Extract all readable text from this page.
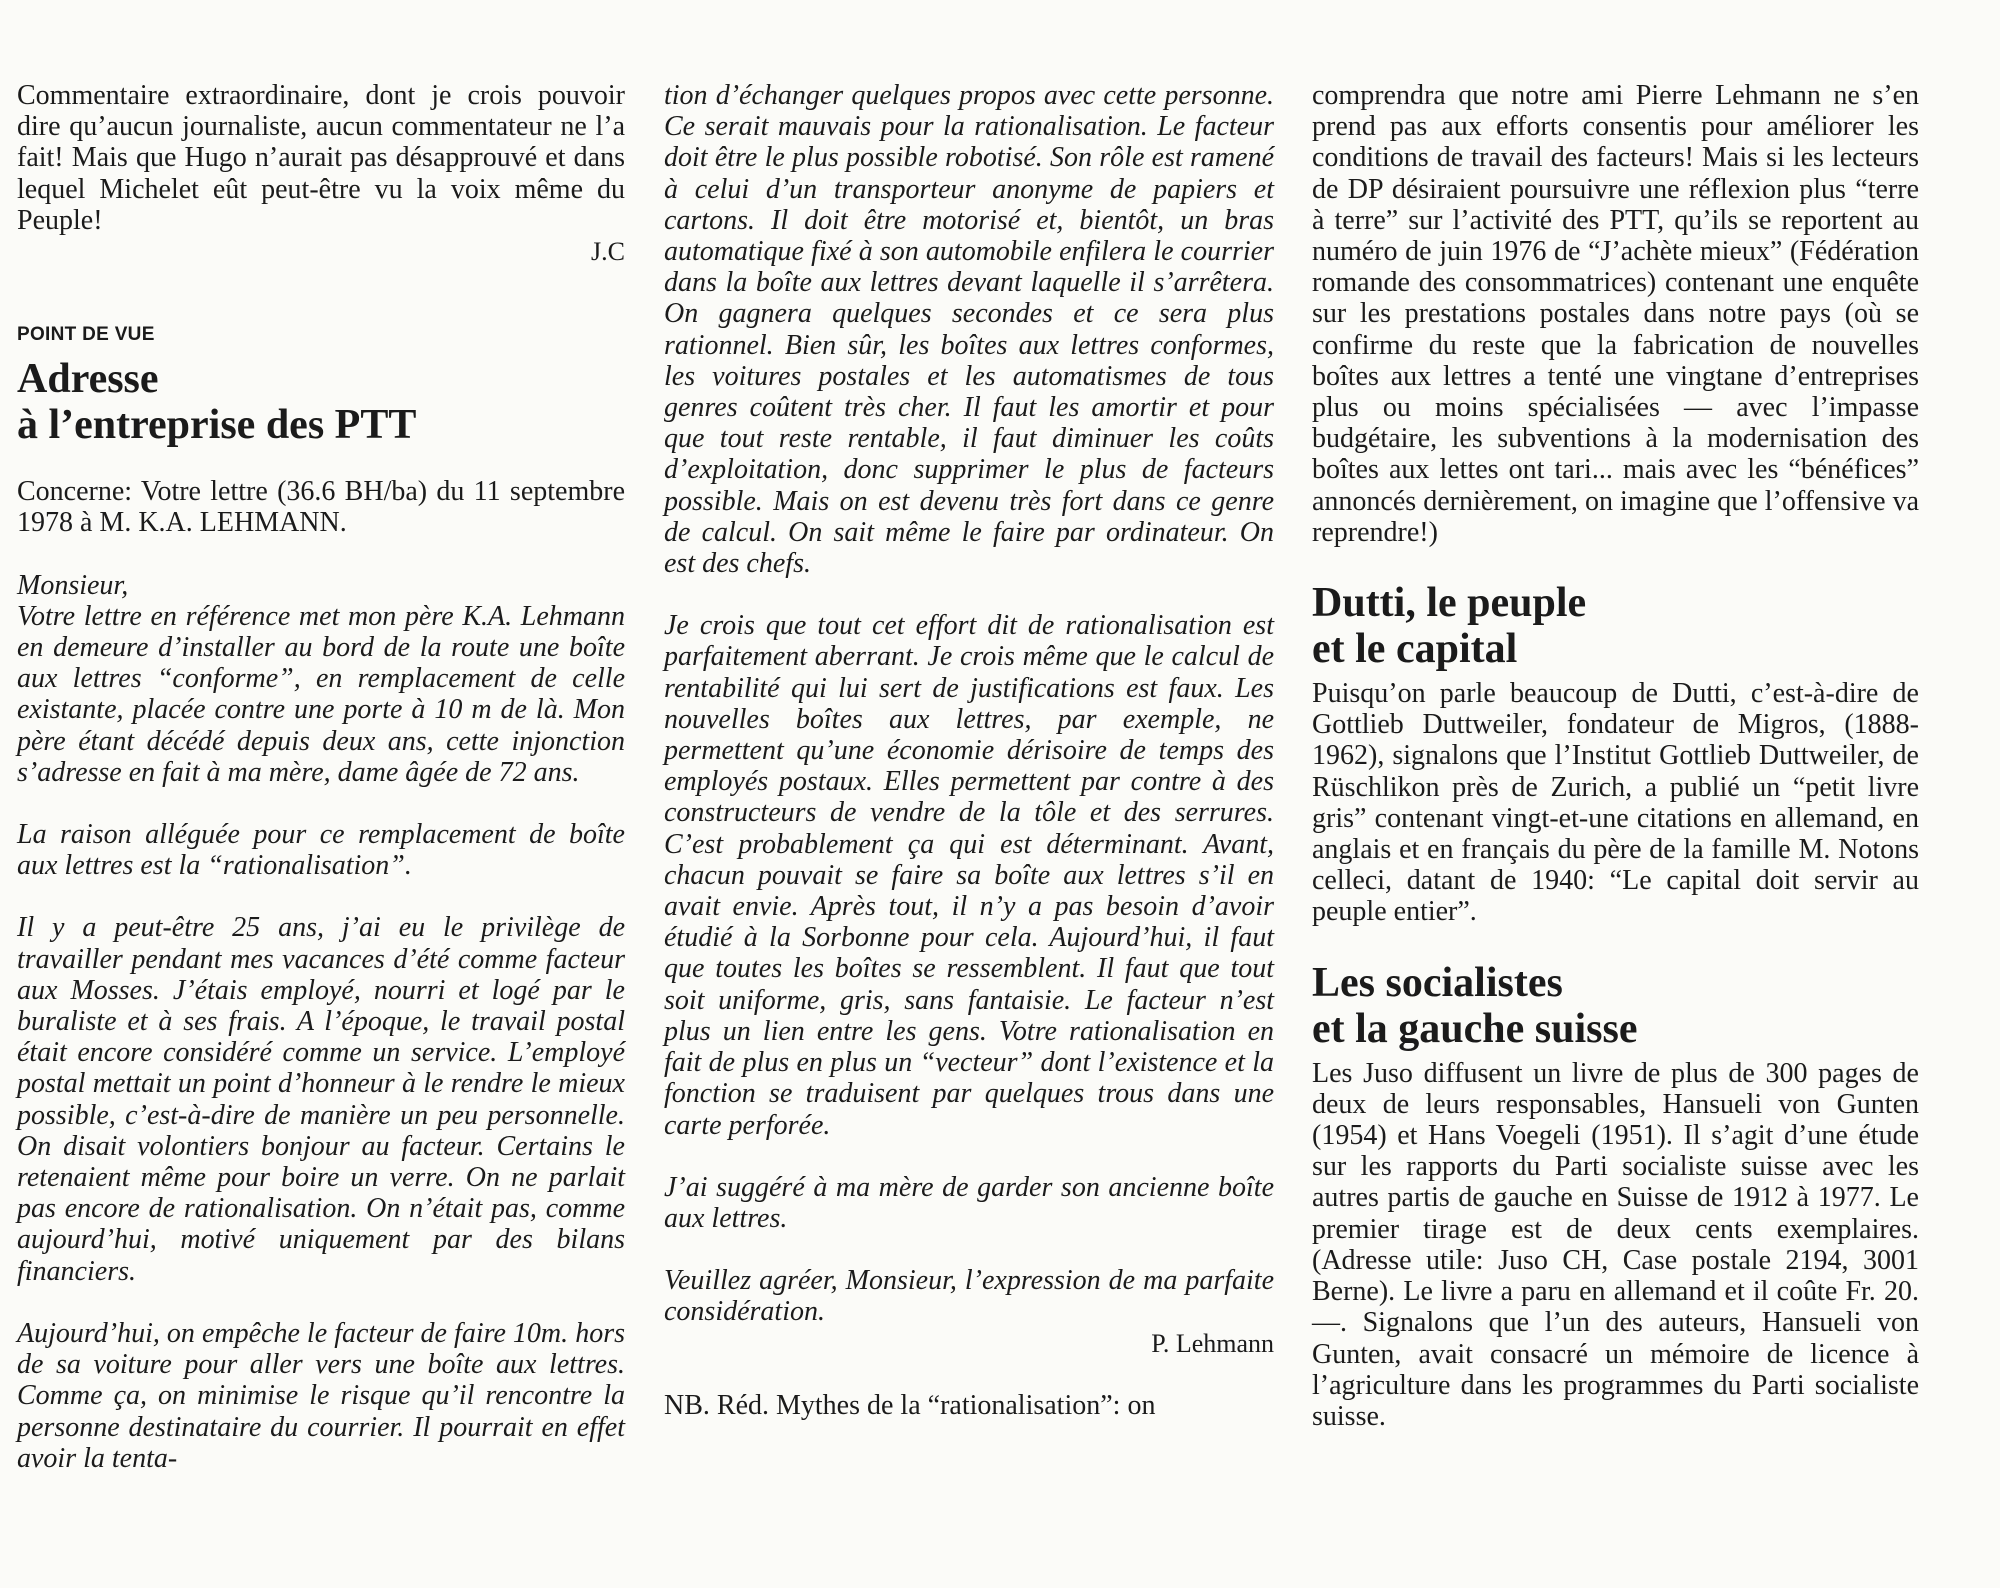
Commentaire extraordinaire, dont je crois pouvoir dire qu’aucun journaliste, aucun commentateur ne l’a fait! Mais que Hugo n’aurait pas désapprouvé et dans lequel Michelet eût peut-être vu la voix même du Peuple!

J.C

POINT DE VUE

Adresse
à l’entreprise des PTT

Concerne: Votre lettre (36.6 BH/ba) du 11 septembre 1978 à M. K.A. LEHMANN.

Monsieur,

Votre lettre en référence met mon père K.A. Lehmann en demeure d’installer au bord de la route une boîte aux lettres “conforme”, en remplacement de celle existante, placée contre une porte à 10 m de là. Mon père étant décédé depuis deux ans, cette injonction s’adresse en fait à ma mère, dame âgée de 72 ans.

La raison alléguée pour ce remplacement de boîte aux lettres est la “rationalisation”.

Il y a peut-être 25 ans, j’ai eu le privilège de travailler pendant mes vacances d’été comme facteur aux Mosses. J’étais employé, nourri et logé par le buraliste et à ses frais. A l’époque, le travail postal était encore considéré comme un service. L’employé postal mettait un point d’honneur à le rendre le mieux possible, c’est-à-dire de manière un peu personnelle. On disait volontiers bonjour au facteur. Certains le retenaient même pour boire un verre. On ne parlait pas encore de rationalisation. On n’était pas, comme aujourd’hui, motivé uniquement par des bilans financiers.

Aujourd’hui, on empêche le facteur de faire 10m. hors de sa voiture pour aller vers une boîte aux lettres. Comme ça, on minimise le risque qu’il rencontre la personne destinataire du courrier. Il pourrait en effet avoir la tenta-

tion d’échanger quelques propos avec cette personne. Ce serait mauvais pour la rationalisation. Le facteur doit être le plus possible robotisé. Son rôle est ramené à celui d’un transporteur anonyme de papiers et cartons. Il doit être motorisé et, bientôt, un bras automatique fixé à son automobile enfilera le courrier dans la boîte aux lettres devant laquelle il s’arrêtera. On gagnera quelques secondes et ce sera plus rationnel. Bien sûr, les boîtes aux lettres conformes, les voitures postales et les automatismes de tous genres coûtent très cher. Il faut les amortir et pour que tout reste rentable, il faut diminuer les coûts d’exploitation, donc supprimer le plus de facteurs possible. Mais on est devenu très fort dans ce genre de calcul. On sait même le faire par ordinateur. On est des chefs.

Je crois que tout cet effort dit de rationalisation est parfaitement aberrant. Je crois même que le calcul de rentabilité qui lui sert de justifications est faux. Les nouvelles boîtes aux lettres, par exemple, ne permettent qu’une économie dérisoire de temps des employés postaux. Elles permettent par contre à des constructeurs de vendre de la tôle et des serrures. C’est probablement ça qui est déterminant. Avant, chacun pouvait se faire sa boîte aux lettres s’il en avait envie. Après tout, il n’y a pas besoin d’avoir étudié à la Sorbonne pour cela. Aujourd’hui, il faut que toutes les boîtes se ressemblent. Il faut que tout soit uniforme, gris, sans fantaisie. Le facteur n’est plus un lien entre les gens. Votre rationalisation en fait de plus en plus un “vecteur” dont l’existence et la fonction se traduisent par quelques trous dans une carte perforée.

J’ai suggéré à ma mère de garder son ancienne boîte aux lettres.

Veuillez agréer, Monsieur, l’expression de ma parfaite considération.

P. Lehmann

NB. Réd. Mythes de la “rationalisation”: on

comprendra que notre ami Pierre Lehmann ne s’en prend pas aux efforts consentis pour améliorer les conditions de travail des facteurs! Mais si les lecteurs de DP désiraient poursuivre une réflexion plus “terre à terre” sur l’activité des PTT, qu’ils se reportent au numéro de juin 1976 de “J’achète mieux” (Fédération romande des consommatrices) contenant une enquête sur les prestations postales dans notre pays (où se confirme du reste que la fabrication de nouvelles boîtes aux lettres a tenté une vingtane d’entreprises plus ou moins spécialisées — avec l’impasse budgétaire, les subventions à la modernisation des boîtes aux lettes ont tari... mais avec les “bénéfices” annoncés dernièrement, on imagine que l’offensive va reprendre!)

Dutti, le peuple
et le capital

Puisqu’on parle beaucoup de Dutti, c’est-à-dire de Gottlieb Duttweiler, fondateur de Migros, (1888-1962), signalons que l’Institut Gottlieb Duttweiler, de Rüschlikon près de Zurich, a publié un “petit livre gris” contenant vingt-et-une citations en allemand, en anglais et en français du père de la famille M. Notons celleci, datant de 1940: “Le capital doit servir au peuple entier”.

Les socialistes
et la gauche suisse

Les Juso diffusent un livre de plus de 300 pages de deux de leurs responsables, Hansueli von Gunten (1954) et Hans Voegeli (1951). Il s’agit d’une étude sur les rapports du Parti socialiste suisse avec les autres partis de gauche en Suisse de 1912 à 1977. Le premier tirage est de deux cents exemplaires. (Adresse utile: Juso CH, Case postale 2194, 3001 Berne). Le livre a paru en allemand et il coûte Fr. 20.—. Signalons que l’un des auteurs, Hansueli von Gunten, avait consacré un mémoire de licence à l’agriculture dans les programmes du Parti socialiste suisse.
